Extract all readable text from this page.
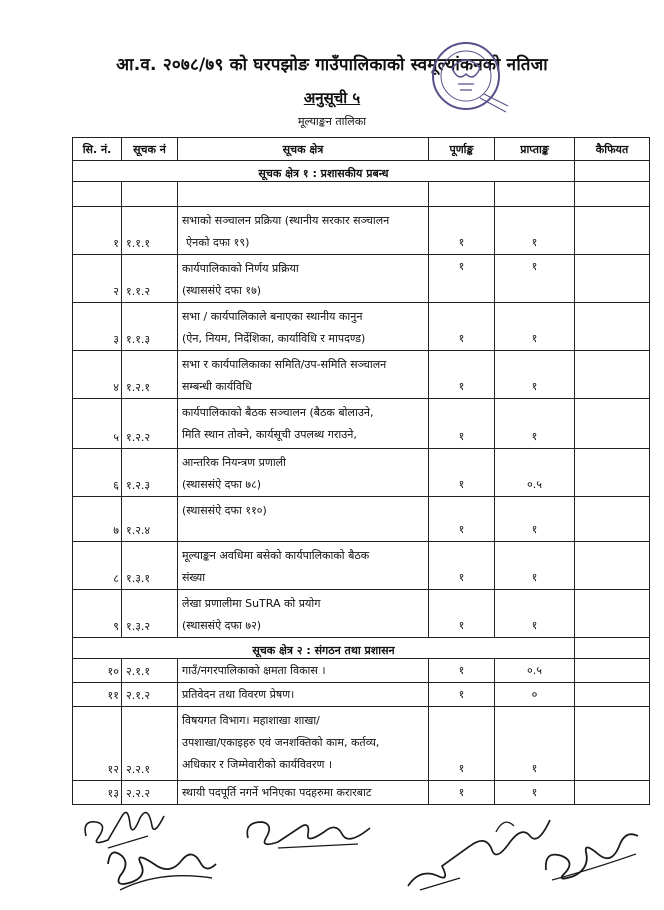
आ.व. २०७८/७९ को घरपझोङ गाउँपालिकाको स्वमूल्यांकनको नतिजा
अनुसूची ५
मूल्याङ्कन तालिका
सि. नं.	सूचक नं	सूचक क्षेत्र	पूर्णाङ्क	प्राप्ताङ्क	कैफियत
सूचक क्षेत्र १ : प्रशासकीय प्रबन्ध					

१	१.१.१	सभाको सञ्चालन प्रक्रिया (स्थानीय सरकार सञ्चालन
ऐनको दफा १९)	१	१	
२	१.१.२	कार्यपालिकाको निर्णय प्रक्रिया
(स्थाससंऐ दफा १७)	१	१	
३	१.१.३	सभा / कार्यपालिकाले बनाएका स्थानीय कानुन
(ऐन, नियम, निर्देशिका, कार्याविधि र मापदण्ड)	१	१	
४	१.२.१	सभा र कार्यपालिकाका समिति/उप-समिति सञ्चालन
सम्बन्धी कार्यविधि	१	१	
५	१.२.२	कार्यपालिकाको बैठक सञ्चालन (बैठक बोलाउने,
मिति स्थान तोक्ने, कार्यसूची उपलब्ध गराउने,	१	१	
६	१.२.३	आन्तरिक नियन्त्रण प्रणाली
(स्थाससंऐ दफा ७८)	१	०.५	
७	१.२.४	(स्थाससंऐ दफा ११०)	१	१	
८	१.३.१	मूल्याङ्कन अवधिमा बसेको कार्यपालिकाको बैठक
संख्या	१	१	
९	१.३.२	लेखा प्रणालीमा SuTRA को प्रयोग
(स्थाससंऐ दफा ७२)	१	१	
सूचक क्षेत्र २ : संगठन तथा प्रशासन					
१०	२.१.१	गाउँ/नगरपालिकाको क्षमता विकास ।	१	०.५	
११	२.१.२	प्रतिवेदन तथा विवरण प्रेषण।	१	०	
१२	२.२.१	विषयगत विभाग। महाशाखा शाखा/
उपशाखा/एकाइहरु एवं जनशक्तिको काम, कर्तव्य,
अधिकार र जिम्मेवारीको कार्यविवरण ।	१	१	
१३	२.२.२	स्थायी पदपूर्ति नगर्ने भनिएका पदहरुमा करारबाट	१	१	
